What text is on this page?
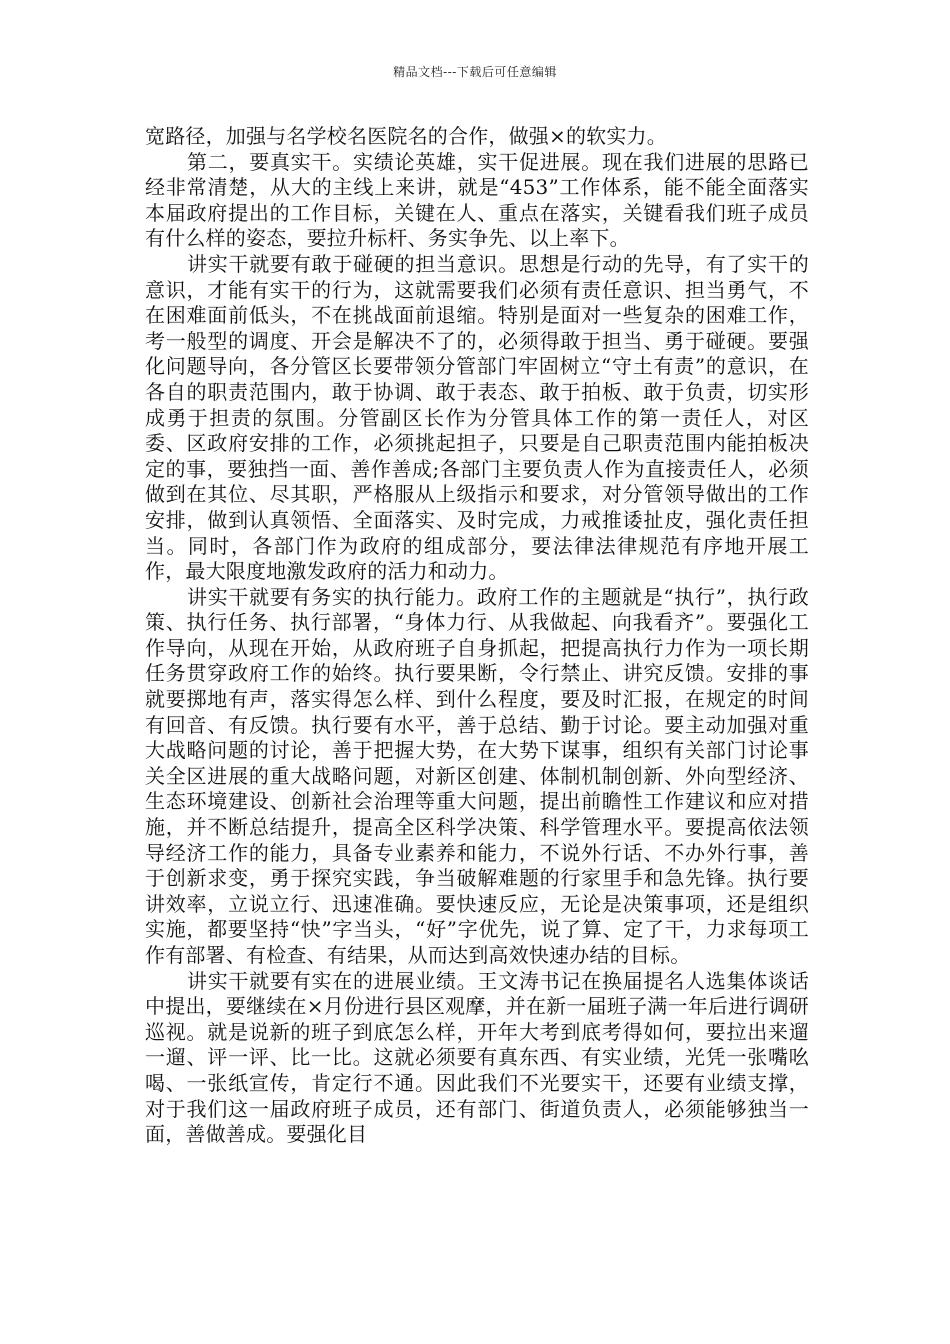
精品文档---下载后可任意编辑

宽路径，加强与名学校名医院名的合作，做强×的软实力。

第二，要真实干。实绩论英雄，实干促进展。现在我们进展的思路已经非常清楚，从大的主线上来讲，就是“453”工作体系，能不能全面落实本届政府提出的工作目标，关键在人、重点在落实，关键看我们班子成员有什么样的姿态，要拉升标杆、务实争先、以上率下。

讲实干就要有敢于碰硬的担当意识。思想是行动的先导，有了实干的意识，才能有实干的行为，这就需要我们必须有责任意识、担当勇气，不在困难面前低头，不在挑战面前退缩。特别是面对一些复杂的困难工作，考一般型的调度、开会是解决不了的，必须得敢于担当、勇于碰硬。要强化问题导向，各分管区长要带领分管部门牢固树立“守土有责”的意识，在各自的职责范围内，敢于协调、敢于表态、敢于拍板、敢于负责，切实形成勇于担责的氛围。分管副区长作为分管具体工作的第一责任人，对区委、区政府安排的工作，必须挑起担子，只要是自己职责范围内能拍板决定的事，要独挡一面、善作善成;各部门主要负责人作为直接责任人，必须做到在其位、尽其职，严格服从上级指示和要求，对分管领导做出的工作安排，做到认真领悟、全面落实、及时完成，力戒推诿扯皮，强化责任担当。同时，各部门作为政府的组成部分，要法律法律规范有序地开展工作，最大限度地激发政府的活力和动力。

讲实干就要有务实的执行能力。政府工作的主题就是“执行”，执行政策、执行任务、执行部署，“身体力行、从我做起、向我看齐”。要强化工作导向，从现在开始，从政府班子自身抓起，把提高执行力作为一项长期任务贯穿政府工作的始终。执行要果断，令行禁止、讲究反馈。安排的事就要掷地有声，落实得怎么样、到什么程度，要及时汇报，在规定的时间有回音、有反馈。执行要有水平，善于总结、勤于讨论。要主动加强对重大战略问题的讨论，善于把握大势，在大势下谋事，组织有关部门讨论事关全区进展的重大战略问题，对新区创建、体制机制创新、外向型经济、生态环境建设、创新社会治理等重大问题，提出前瞻性工作建议和应对措施，并不断总结提升，提高全区科学决策、科学管理水平。要提高依法领导经济工作的能力，具备专业素养和能力，不说外行话、不办外行事，善于创新求变，勇于探究实践，争当破解难题的行家里手和急先锋。执行要讲效率，立说立行、迅速准确。要快速反应，无论是决策事项，还是组织实施，都要坚持“快”字当头，“好”字优先，说了算、定了干，力求每项工作有部署、有检查、有结果，从而达到高效快速办结的目标。

讲实干就要有实在的进展业绩。王文涛书记在换届提名人选集体谈话中提出，要继续在×月份进行县区观摩，并在新一届班子满一年后进行调研巡视。就是说新的班子到底怎么样，开年大考到底考得如何，要拉出来遛一遛、评一评、比一比。这就必须要有真东西、有实业绩，光凭一张嘴吆喝、一张纸宣传，肯定行不通。因此我们不光要实干，还要有业绩支撑，对于我们这一届政府班子成员，还有部门、街道负责人，必须能够独当一面，善做善成。要强化目
